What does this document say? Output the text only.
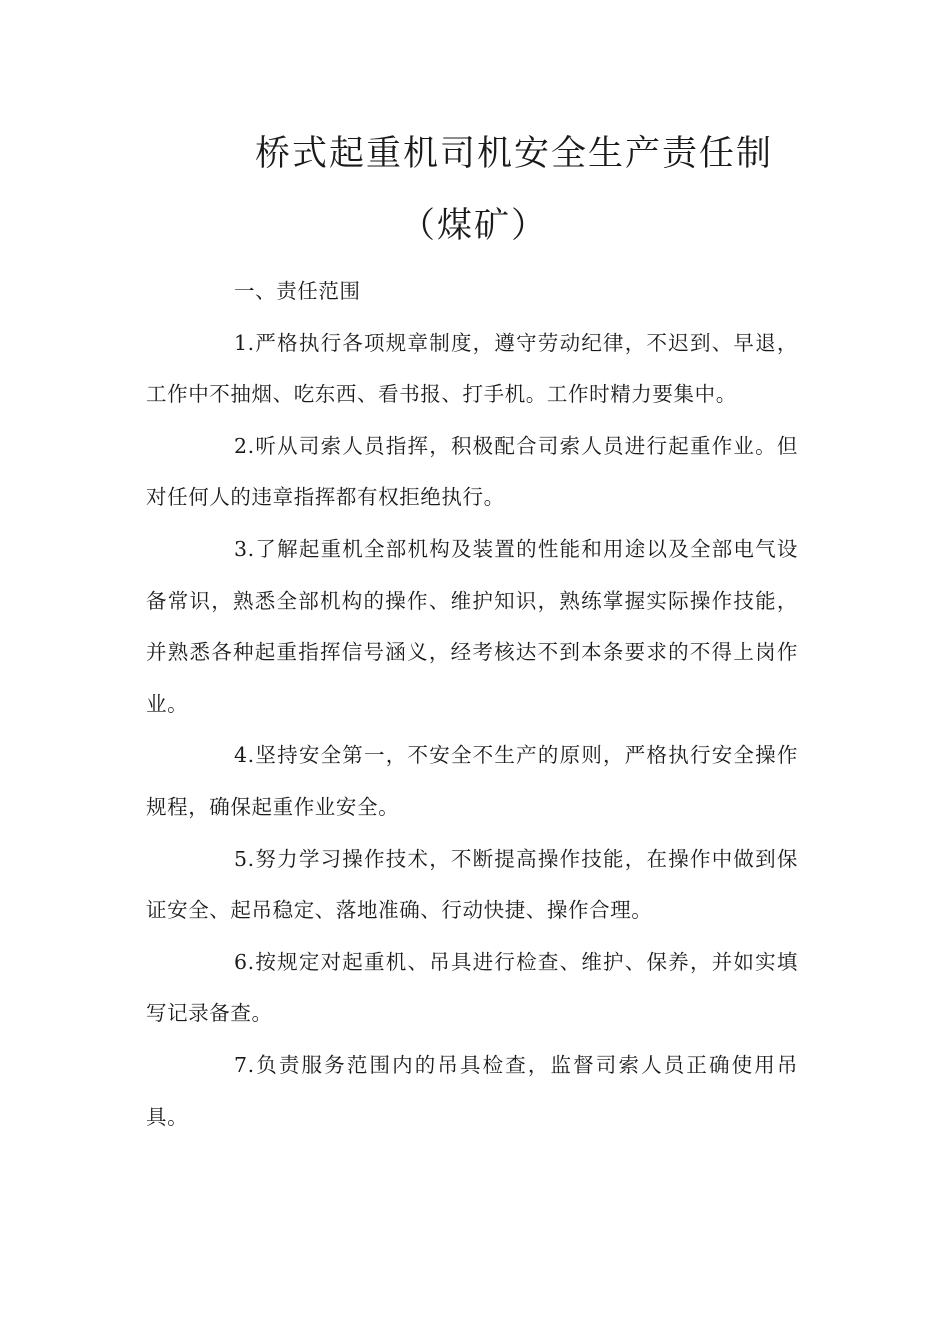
桥式起重机司机安全生产责任制（煤矿）

一、责任范围

1.严格执行各项规章制度，遵守劳动纪律，不迟到、早退，工作中不抽烟、吃东西、看书报、打手机。工作时精力要集中。

2.听从司索人员指挥，积极配合司索人员进行起重作业。但对任何人的违章指挥都有权拒绝执行。

3.了解起重机全部机构及装置的性能和用途以及全部电气设备常识，熟悉全部机构的操作、维护知识，熟练掌握实际操作技能，并熟悉各种起重指挥信号涵义，经考核达不到本条要求的不得上岗作业。

4.坚持安全第一，不安全不生产的原则，严格执行安全操作规程，确保起重作业安全。

5.努力学习操作技术，不断提高操作技能，在操作中做到保证安全、起吊稳定、落地准确、行动快捷、操作合理。

6.按规定对起重机、吊具进行检查、维护、保养，并如实填写记录备查。

7.负责服务范围内的吊具检查，监督司索人员正确使用吊具。
